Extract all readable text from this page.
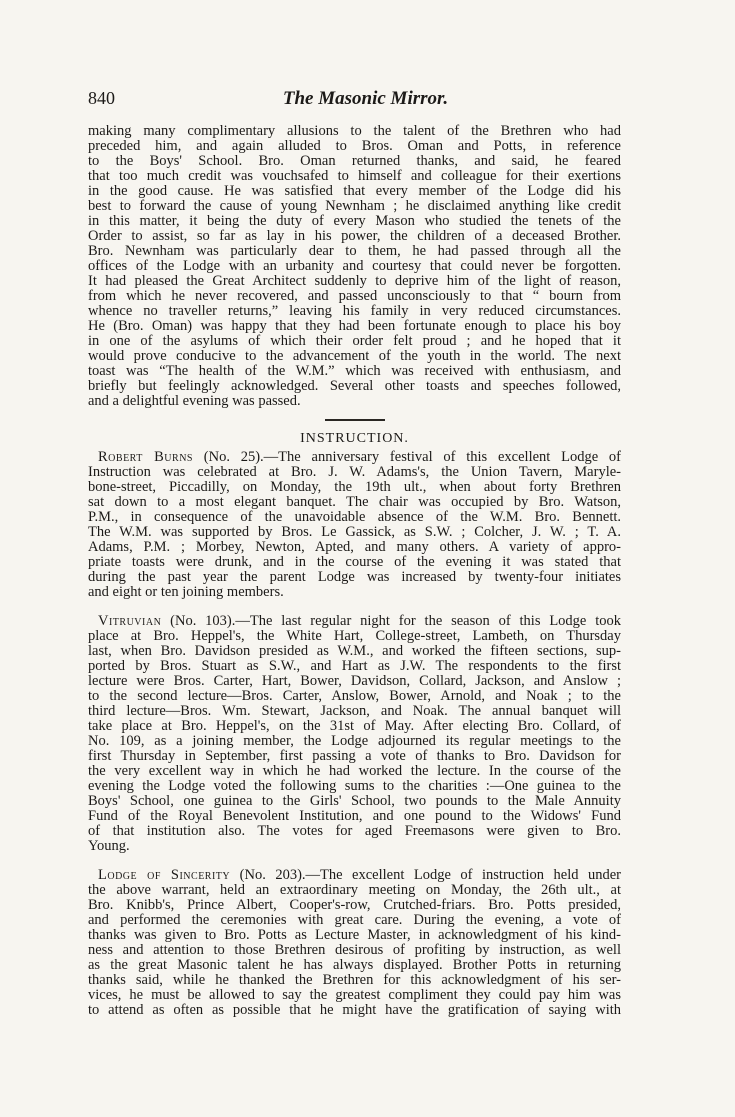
840	The Masonic Mirror.

making many complimentary allusions to the talent of the Brethren who had

preceded him, and again alluded to Bros. Oman and Potts, in reference

to the Boys' School. Bro. Oman returned thanks, and said, he feared

that too much credit was vouchsafed to himself and colleague for their exertions

in the good cause. He was satisfied that every member of the Lodge did his

best to forward the cause of young Newnham ; he disclaimed anything like credit

in this matter, it being the duty of every Mason who studied the tenets of the

Order to assist, so far as lay in his power, the children of a deceased Brother.

Bro. Newnham was particularly dear to them, he had passed through all the

offices of the Lodge with an urbanity and courtesy that could never be forgotten.

It had pleased the Great Architect suddenly to deprive him of the light of reason,

from which he never recovered, and passed unconsciously to that “ bourn from

whence no traveller returns,” leaving his family in very reduced circumstances.

He (Bro. Oman) was happy that they had been fortunate enough to place his boy

in one of the asylums of which their order felt proud ; and he hoped that it

would prove conducive to the advancement of the youth in the world. The next

toast was “The health of the W.M.” which was received with enthusiasm, and

briefly but feelingly acknowledged. Several other toasts and speeches followed,

and a delightful evening was passed.

INSTRUCTION.

Robert Burns (No. 25).—The anniversary festival of this excellent Lodge of

Instruction was celebrated at Bro. J. W. Adams's, the Union Tavern, Maryle-

bone-street, Piccadilly, on Monday, the 19th ult., when about forty Brethren

sat down to a most elegant banquet. The chair was occupied by Bro. Watson,

P.M., in consequence of the unavoidable absence of the W.M. Bro. Bennett.

The W.M. was supported by Bros. Le Gassick, as S.W. ; Colcher, J. W. ; T. A.

Adams, P.M. ; Morbey, Newton, Apted, and many others. A variety of appro-

priate toasts were drunk, and in the course of the evening it was stated that

during the past year the parent Lodge was increased by twenty-four initiates

and eight or ten joining members.

Vitruvian (No. 103).—The last regular night for the season of this Lodge took

place at Bro. Heppel's, the White Hart, College-street, Lambeth, on Thursday

last, when Bro. Davidson presided as W.M., and worked the fifteen sections, sup-

ported by Bros. Stuart as S.W., and Hart as J.W. The respondents to the first

lecture were Bros. Carter, Hart, Bower, Davidson, Collard, Jackson, and Anslow ;

to the second lecture—Bros. Carter, Anslow, Bower, Arnold, and Noak ; to the

third lecture—Bros. Wm. Stewart, Jackson, and Noak. The annual banquet will

take place at Bro. Heppel's, on the 31st of May. After electing Bro. Collard, of

No. 109, as a joining member, the Lodge adjourned its regular meetings to the

first Thursday in September, first passing a vote of thanks to Bro. Davidson for

the very excellent way in which he had worked the lecture. In the course of the

evening the Lodge voted the following sums to the charities :—One guinea to the

Boys' School, one guinea to the Girls' School, two pounds to the Male Annuity

Fund of the Royal Benevolent Institution, and one pound to the Widows' Fund

of that institution also. The votes for aged Freemasons were given to Bro.

Young.

Lodge of Sincerity (No. 203).—The excellent Lodge of instruction held under

the above warrant, held an extraordinary meeting on Monday, the 26th ult., at

Bro. Knibb's, Prince Albert, Cooper's-row, Crutched-friars. Bro. Potts presided,

and performed the ceremonies with great care. During the evening, a vote of

thanks was given to Bro. Potts as Lecture Master, in acknowledgment of his kind-

ness and attention to those Brethren desirous of profiting by instruction, as well

as the great Masonic talent he has always displayed. Brother Potts in returning

thanks said, while he thanked the Brethren for this acknowledgment of his ser-

vices, he must be allowed to say the greatest compliment they could pay him was

to attend as often as possible that he might have the gratification of saying with
